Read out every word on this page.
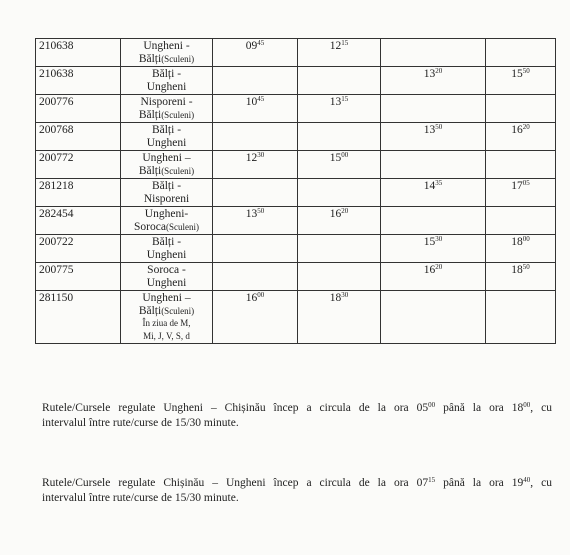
210638	Ungheni -
Bălți(Sculeni)	$09^{45}$	$12^{15}$		
210638	Bălți -
Ungheni			$13^{20}$	$15^{50}$
200776	Nisporeni -
Bălți(Sculeni)	$10^{45}$	$13^{15}$		
200768	Bălți -
Ungheni			$13^{50}$	$16^{20}$
200772	Ungheni –
Bălți(Sculeni)	$12^{30}$	$15^{00}$		
281218	Bălți -
Nisporeni			$14^{35}$	$17^{05}$
282454	Ungheni-
Soroca(Sculeni)	$13^{50}$	$16^{20}$		
200722	Bălți -
Ungheni			$15^{30}$	$18^{00}$
200775	Soroca -
Ungheni			$16^{20}$	$18^{50}$
281150	Ungheni –
Bălți(Sculeni)
În ziua de M,
Mi, J, V, S, d	$16^{00}$	$18^{30}$		
Rutele/Cursele regulate Ungheni – Chișinău încep a circula de la ora $05^{00}$ până la ora $18^{00}$, cu
intervalul între rute/curse de 15/30 minute.
Rutele/Cursele regulate Chișinău – Ungheni încep a circula de la ora $07^{15}$ până la ora $19^{40}$, cu
intervalul între rute/curse de 15/30 minute.
